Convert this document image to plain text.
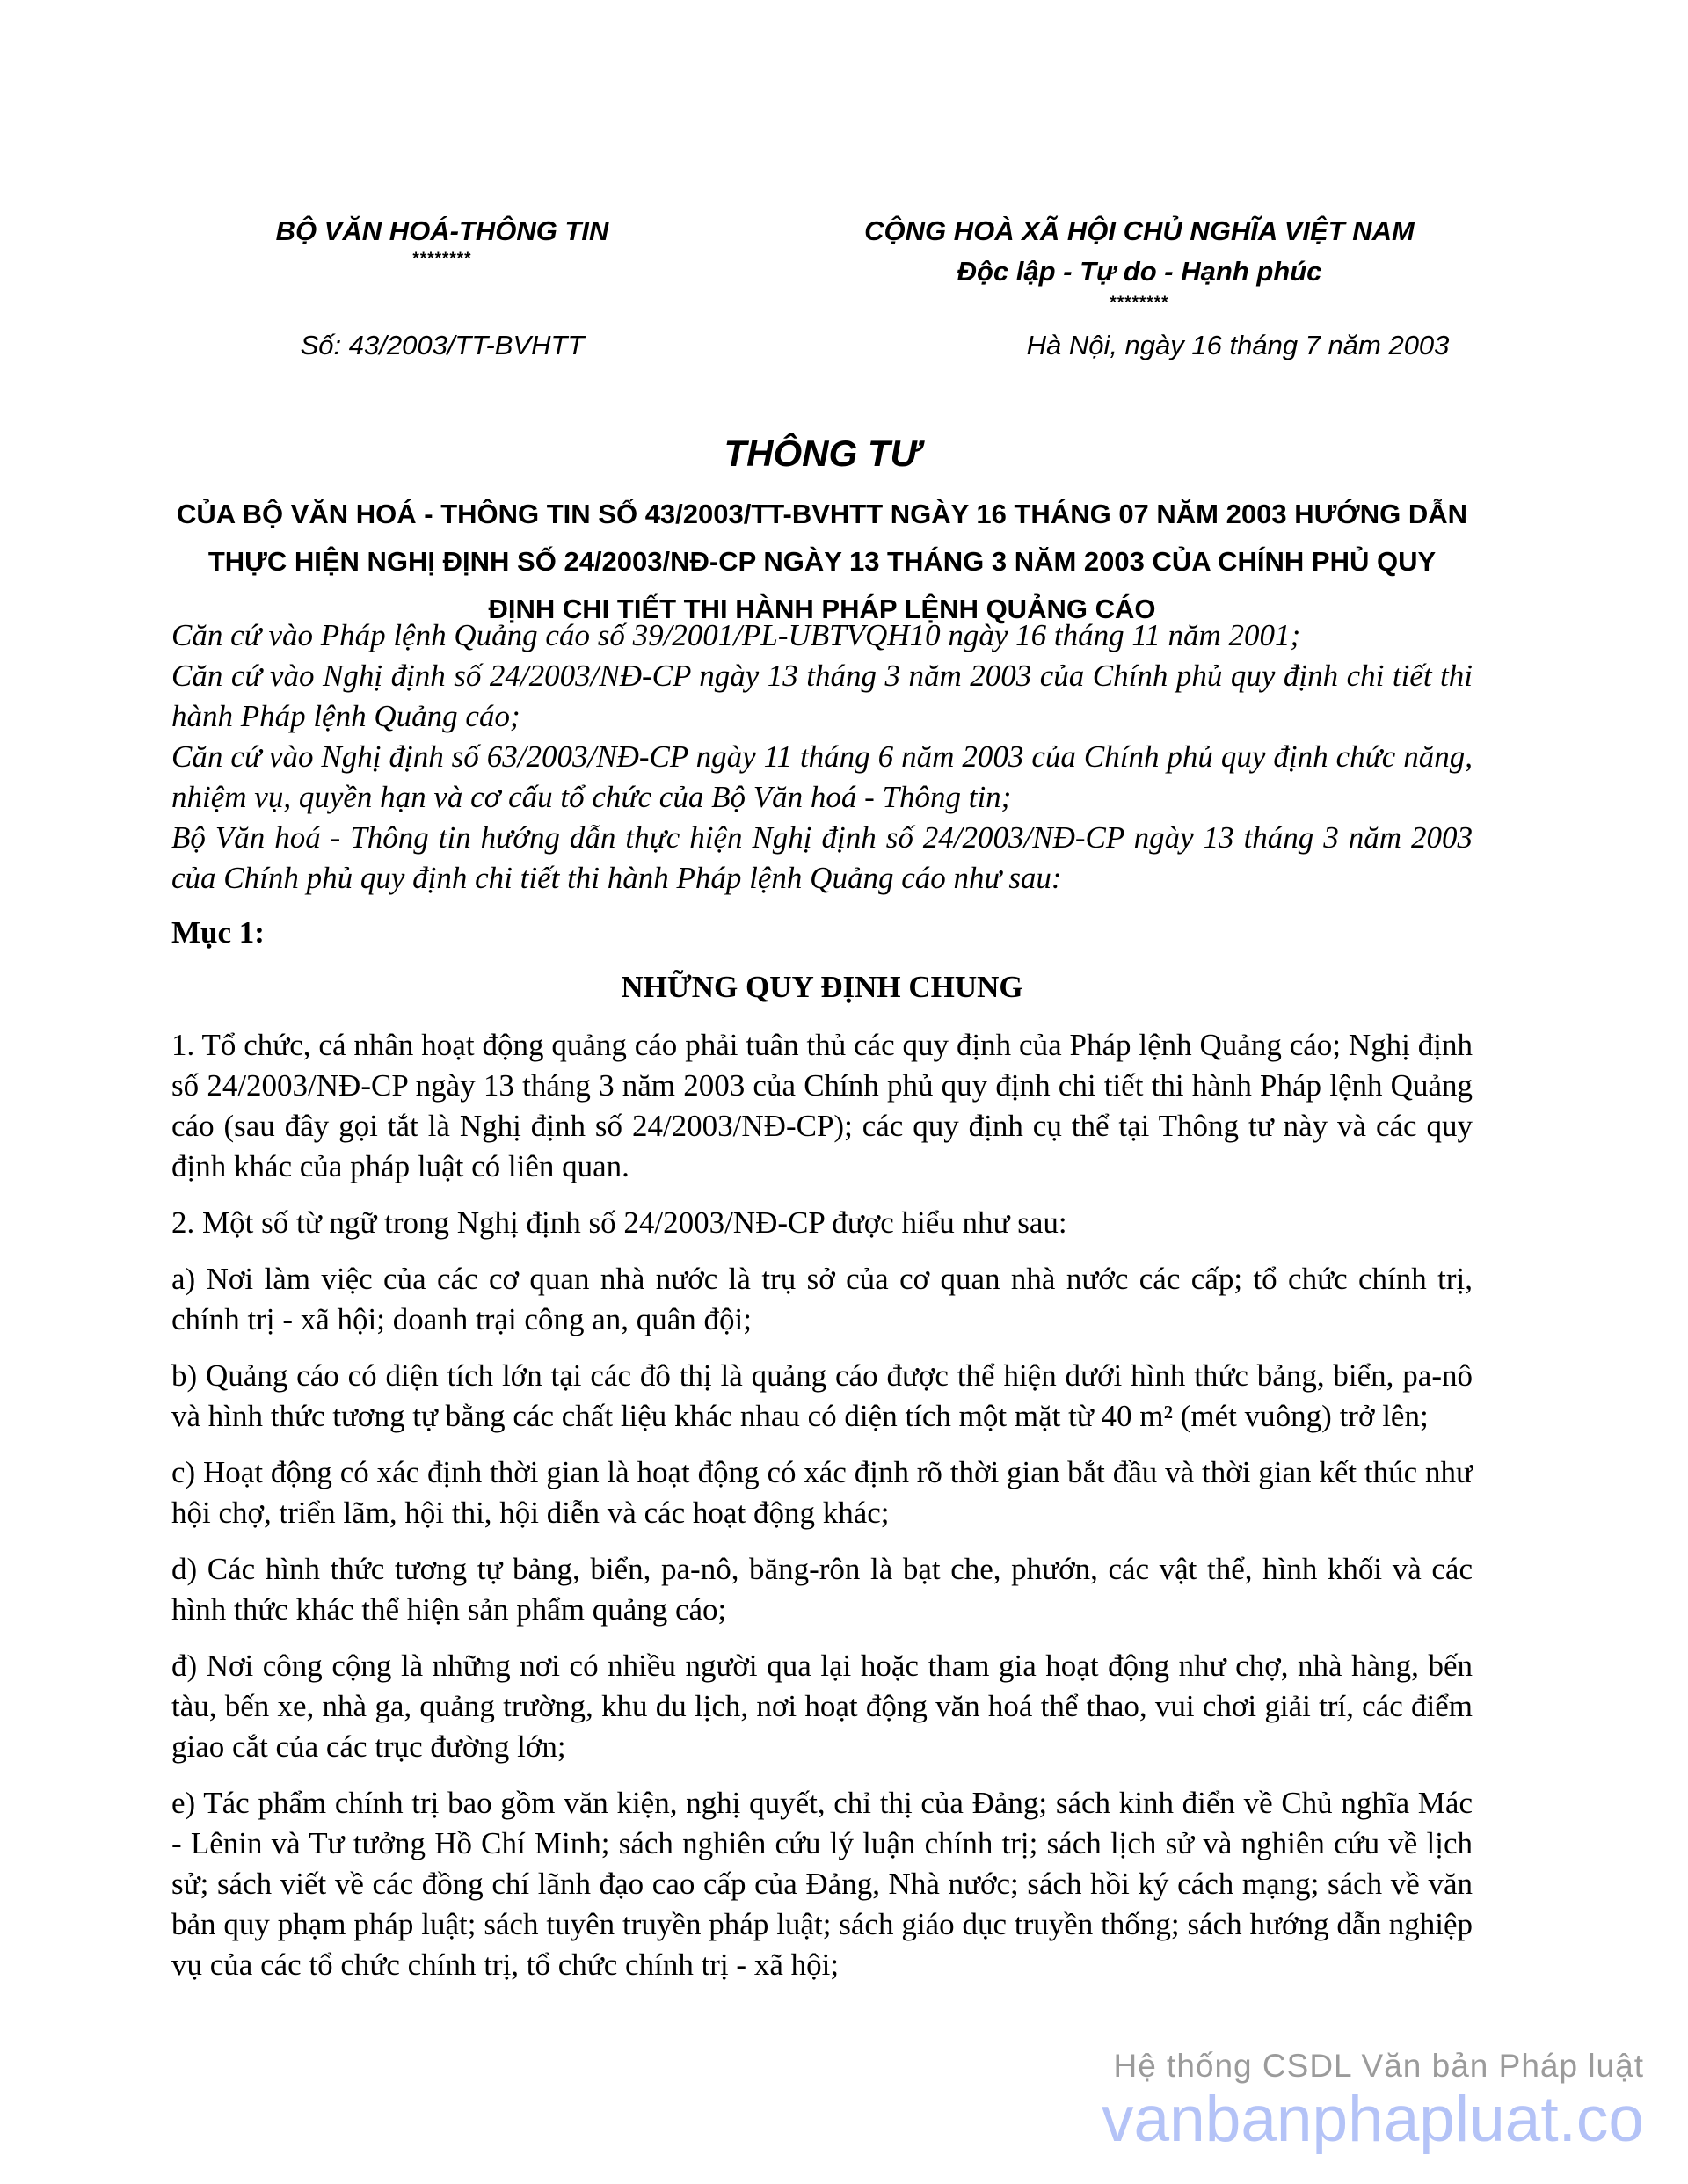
BỘ VĂN HOÁ-THÔNG TIN
********
CỘNG HOÀ XÃ HỘI CHỦ NGHĨA VIỆT NAM
Độc lập - Tự do - Hạnh phúc
********
Số: 43/2003/TT-BVHTT	Hà Nội, ngày 16 tháng 7 năm 2003
THÔNG TƯ
CỦA BỘ VĂN HOÁ - THÔNG TIN SỐ 43/2003/TT-BVHTT NGÀY 16 THÁNG 07 NĂM 2003 HƯỚNG DẪN THỰC HIỆN NGHỊ ĐỊNH SỐ 24/2003/NĐ-CP NGÀY 13 THÁNG 3 NĂM 2003 CỦA CHÍNH PHỦ QUY ĐỊNH CHI TIẾT THI HÀNH PHÁP LỆNH QUẢNG CÁO

Căn cứ vào Pháp lệnh Quảng cáo số 39/2001/PL-UBTVQH10 ngày 16 tháng 11 năm 2001;

Căn cứ vào Nghị định số 24/2003/NĐ-CP ngày 13 tháng 3 năm 2003 của Chính phủ quy định chi tiết thi hành Pháp lệnh Quảng cáo;

Căn cứ vào Nghị định số 63/2003/NĐ-CP ngày 11 tháng 6 năm 2003 của Chính phủ quy định chức năng, nhiệm vụ, quyền hạn và cơ cấu tổ chức của Bộ Văn hoá - Thông tin;

Bộ Văn hoá - Thông tin hướng dẫn thực hiện Nghị định số 24/2003/NĐ-CP ngày 13 tháng 3 năm 2003 của Chính phủ quy định chi tiết thi hành Pháp lệnh Quảng cáo như sau:

Mục 1:

NHỮNG QUY ĐỊNH CHUNG

1. Tổ chức, cá nhân hoạt động quảng cáo phải tuân thủ các quy định của Pháp lệnh Quảng cáo; Nghị định số 24/2003/NĐ-CP ngày 13 tháng 3 năm 2003 của Chính phủ quy định chi tiết thi hành Pháp lệnh Quảng cáo (sau đây gọi tắt là Nghị định số 24/2003/NĐ-CP); các quy định cụ thể tại Thông tư này và các quy định khác của pháp luật có liên quan.

2. Một số từ ngữ trong Nghị định số 24/2003/NĐ-CP được hiểu như sau:

a) Nơi làm việc của các cơ quan nhà nước là trụ sở của cơ quan nhà nước các cấp; tổ chức chính trị, chính trị - xã hội; doanh trại công an, quân đội;

b) Quảng cáo có diện tích lớn tại các đô thị là quảng cáo được thể hiện dưới hình thức bảng, biển, pa-nô và hình thức tương tự bằng các chất liệu khác nhau có diện tích một mặt từ 40 m² (mét vuông) trở lên;

c) Hoạt động có xác định thời gian là hoạt động có xác định rõ thời gian bắt đầu và thời gian kết thúc như hội chợ, triển lãm, hội thi, hội diễn và các hoạt động khác;

d) Các hình thức tương tự bảng, biển, pa-nô, băng-rôn là bạt che, phướn, các vật thể, hình khối và các hình thức khác thể hiện sản phẩm quảng cáo;

đ) Nơi công cộng là những nơi có nhiều người qua lại hoặc tham gia hoạt động như chợ, nhà hàng, bến tàu, bến xe, nhà ga, quảng trường, khu du lịch, nơi hoạt động văn hoá thể thao, vui chơi giải trí, các điểm giao cắt của các trục đường lớn;

e) Tác phẩm chính trị bao gồm văn kiện, nghị quyết, chỉ thị của Đảng; sách kinh điển về Chủ nghĩa Mác - Lênin và Tư tưởng Hồ Chí Minh; sách nghiên cứu lý luận chính trị; sách lịch sử và nghiên cứu về lịch sử; sách viết về các đồng chí lãnh đạo cao cấp của Đảng, Nhà nước; sách hồi ký cách mạng; sách về văn bản quy phạm pháp luật; sách tuyên truyền pháp luật; sách giáo dục truyền thống; sách hướng dẫn nghiệp vụ của các tổ chức chính trị, tổ chức chính trị - xã hội;

Hệ thống CSDL Văn bản Pháp luật
vanbanphapluat.co
